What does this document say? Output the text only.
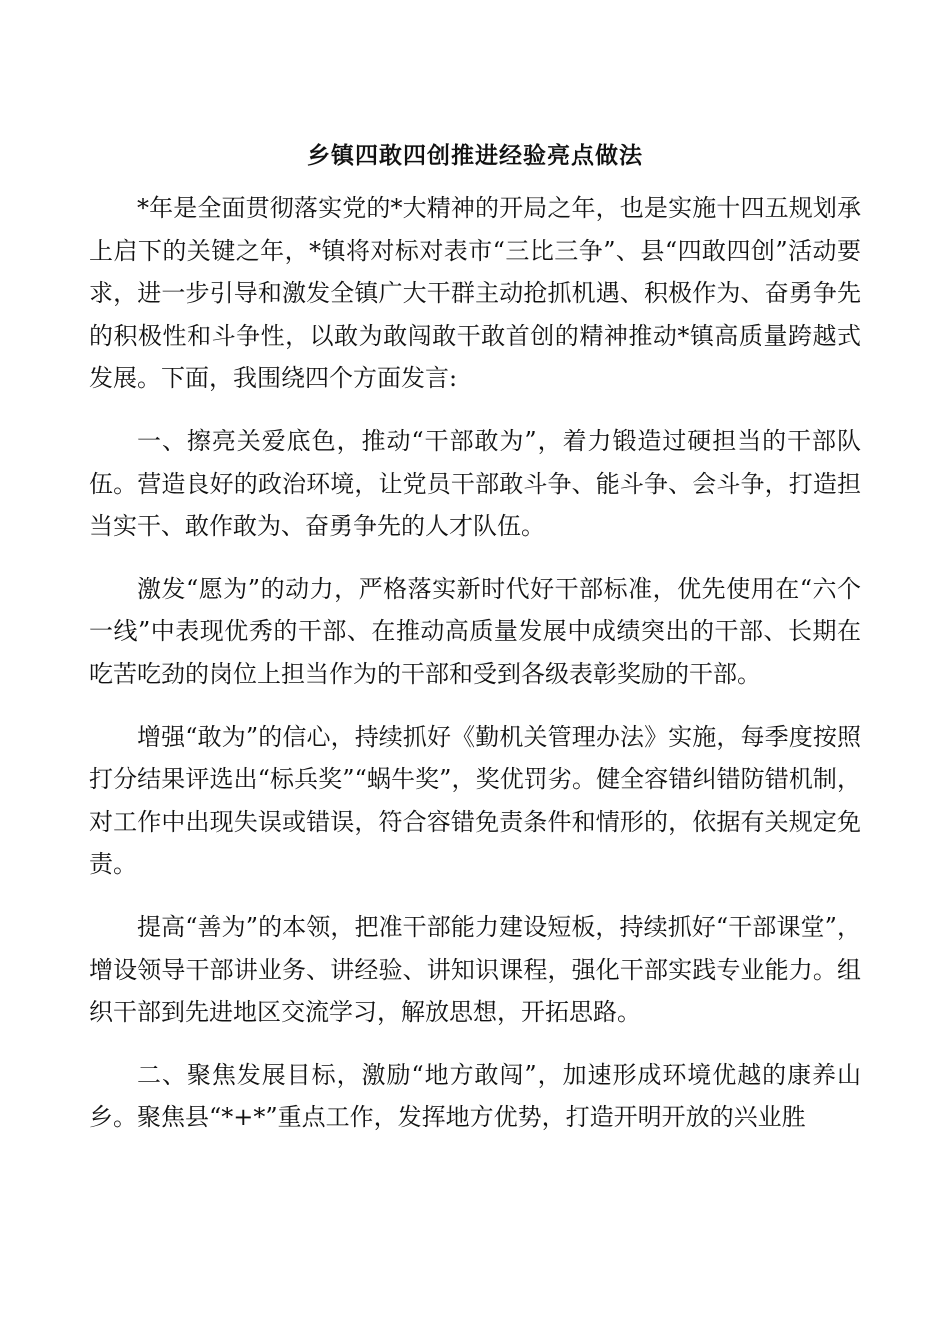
乡镇四敢四创推进经验亮点做法

*年是全面贯彻落实党的*大精神的开局之年，也是实施十四五规划承上启下的关键之年，*镇将对标对表市“三比三争”、县“四敢四创”活动要求，进一步引导和激发全镇广大干群主动抢抓机遇、积极作为、奋勇争先的积极性和斗争性，以敢为敢闯敢干敢首创的精神推动*镇高质量跨越式发展。下面，我围绕四个方面发言:

一、擦亮关爱底色，推动“干部敢为”，着力锻造过硬担当的干部队伍。营造良好的政治环境，让党员干部敢斗争、能斗争、会斗争，打造担当实干、敢作敢为、奋勇争先的人才队伍。

激发“愿为”的动力，严格落实新时代好干部标准，优先使用在“六个一线”中表现优秀的干部、在推动高质量发展中成绩突出的干部、长期在吃苦吃劲的岗位上担当作为的干部和受到各级表彰奖励的干部。

增强“敢为”的信心，持续抓好《勤机关管理办法》实施，每季度按照打分结果评选出“标兵奖”“蜗牛奖”，奖优罚劣。健全容错纠错防错机制，对工作中出现失误或错误，符合容错免责条件和情形的，依据有关规定免责。

提高“善为”的本领，把准干部能力建设短板，持续抓好“干部课堂”，增设领导干部讲业务、讲经验、讲知识课程，强化干部实践专业能力。组织干部到先进地区交流学习，解放思想，开拓思路。

二、聚焦发展目标，激励“地方敢闯”，加速形成环境优越的康养山乡。聚焦县“*+*”重点工作，发挥地方优势，打造开明开放的兴业胜
